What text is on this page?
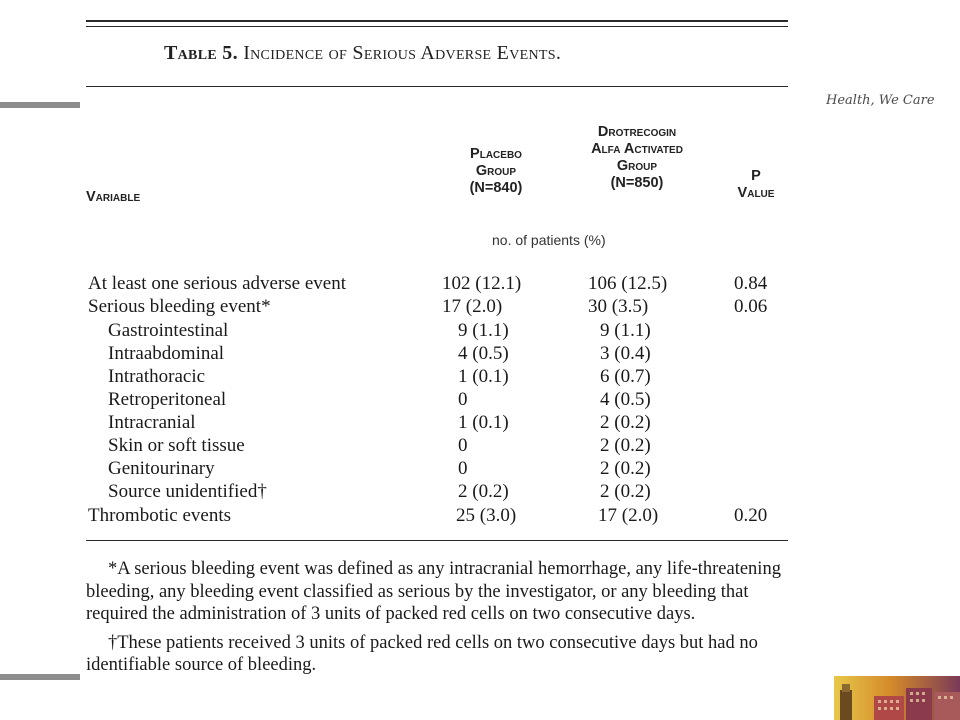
Health, We Care
Table 5. Incidence of Serious Adverse Events.
Variable
Placebo
Group
(N=840)
Drotrecogin
Alfa Activated
Group
(N=850)	P
Value
no. of patients (%)
At least one serious adverse event	102 (12.1)	106 (12.5)	0.84
Serious bleeding event*	17 (2.0)	30 (3.5)	0.06
Gastrointestinal	9 (1.1)	9 (1.1)
Intraabdominal	4 (0.5)	3 (0.4)
Intrathoracic	1 (0.1)	6 (0.7)
Retroperitoneal	0	4 (0.5)
Intracranial	1 (0.1)	2 (0.2)
Skin or soft tissue	0	2 (0.2)
Genitourinary	0	2 (0.2)
Source unidentified†	2 (0.2)	2 (0.2)
Thrombotic events	25 (3.0)	17 (2.0)	0.20

*A serious bleeding event was defined as any intracranial hemorrhage, any life-threatening bleeding, any bleeding event classified as serious by the investigator, or any bleeding that required the administration of 3 units of packed red cells on two consecutive days.

†These patients received 3 units of packed red cells on two consecutive days but had no identifiable source of bleeding.
